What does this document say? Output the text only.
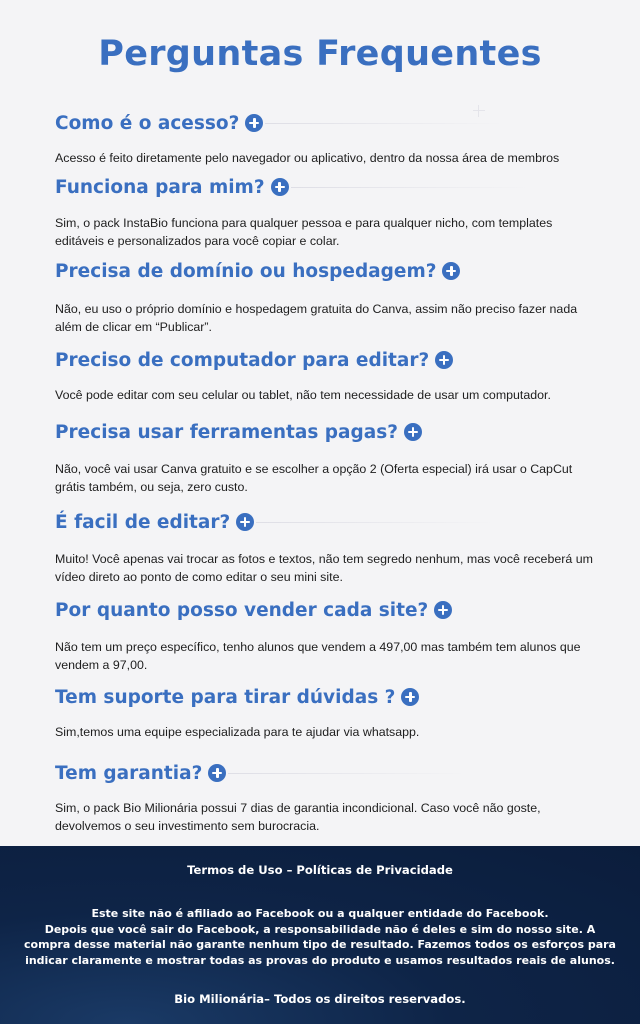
Perguntas Frequentes
Como é o acesso?

Acesso é feito diretamente pelo navegador ou aplicativo, dentro da nossa área de membros

Funciona para mim?

Sim, o pack InstaBio funciona para qualquer pessoa e para qualquer nicho, com templates editáveis e personalizados para você copiar e colar.

Precisa de domínio ou hospedagem?

Não, eu uso o próprio domínio e hospedagem gratuita do Canva, assim não preciso fazer nada além de clicar em “Publicar”.

Preciso de computador para editar?

Você pode editar com seu celular ou tablet, não tem necessidade de usar um computador.

Precisa usar ferramentas pagas?

Não, você vai usar Canva gratuito e se escolher a opção 2 (Oferta especial) irá usar o CapCut grátis também, ou seja, zero custo.

É facil de editar?

Muito! Você apenas vai trocar as fotos e textos, não tem segredo nenhum, mas você receberá um vídeo direto ao ponto de como editar o seu mini site.

Por quanto posso vender cada site?

Não tem um preço específico, tenho alunos que vendem a 497,00 mas também tem alunos que vendem a 97,00.

Tem suporte para tirar dúvidas ?

Sim,temos uma equipe especializada para te ajudar via whatsapp.

Tem garantia?

Sim, o pack Bio Milionária possui 7 dias de garantia incondicional. Caso você não goste, devolvemos o seu investimento sem burocracia.

Termos de Uso – Políticas de Privacidade
Este site não é afiliado ao Facebook ou a qualquer entidade do Facebook.
Depois que você sair do Facebook, a responsabilidade não é deles e sim do nosso site. A compra desse material não garante nenhum tipo de resultado. Fazemos todos os esforços para indicar claramente e mostrar todas as provas do produto e usamos resultados reais de alunos.
Bio Milionária– Todos os direitos reservados.
